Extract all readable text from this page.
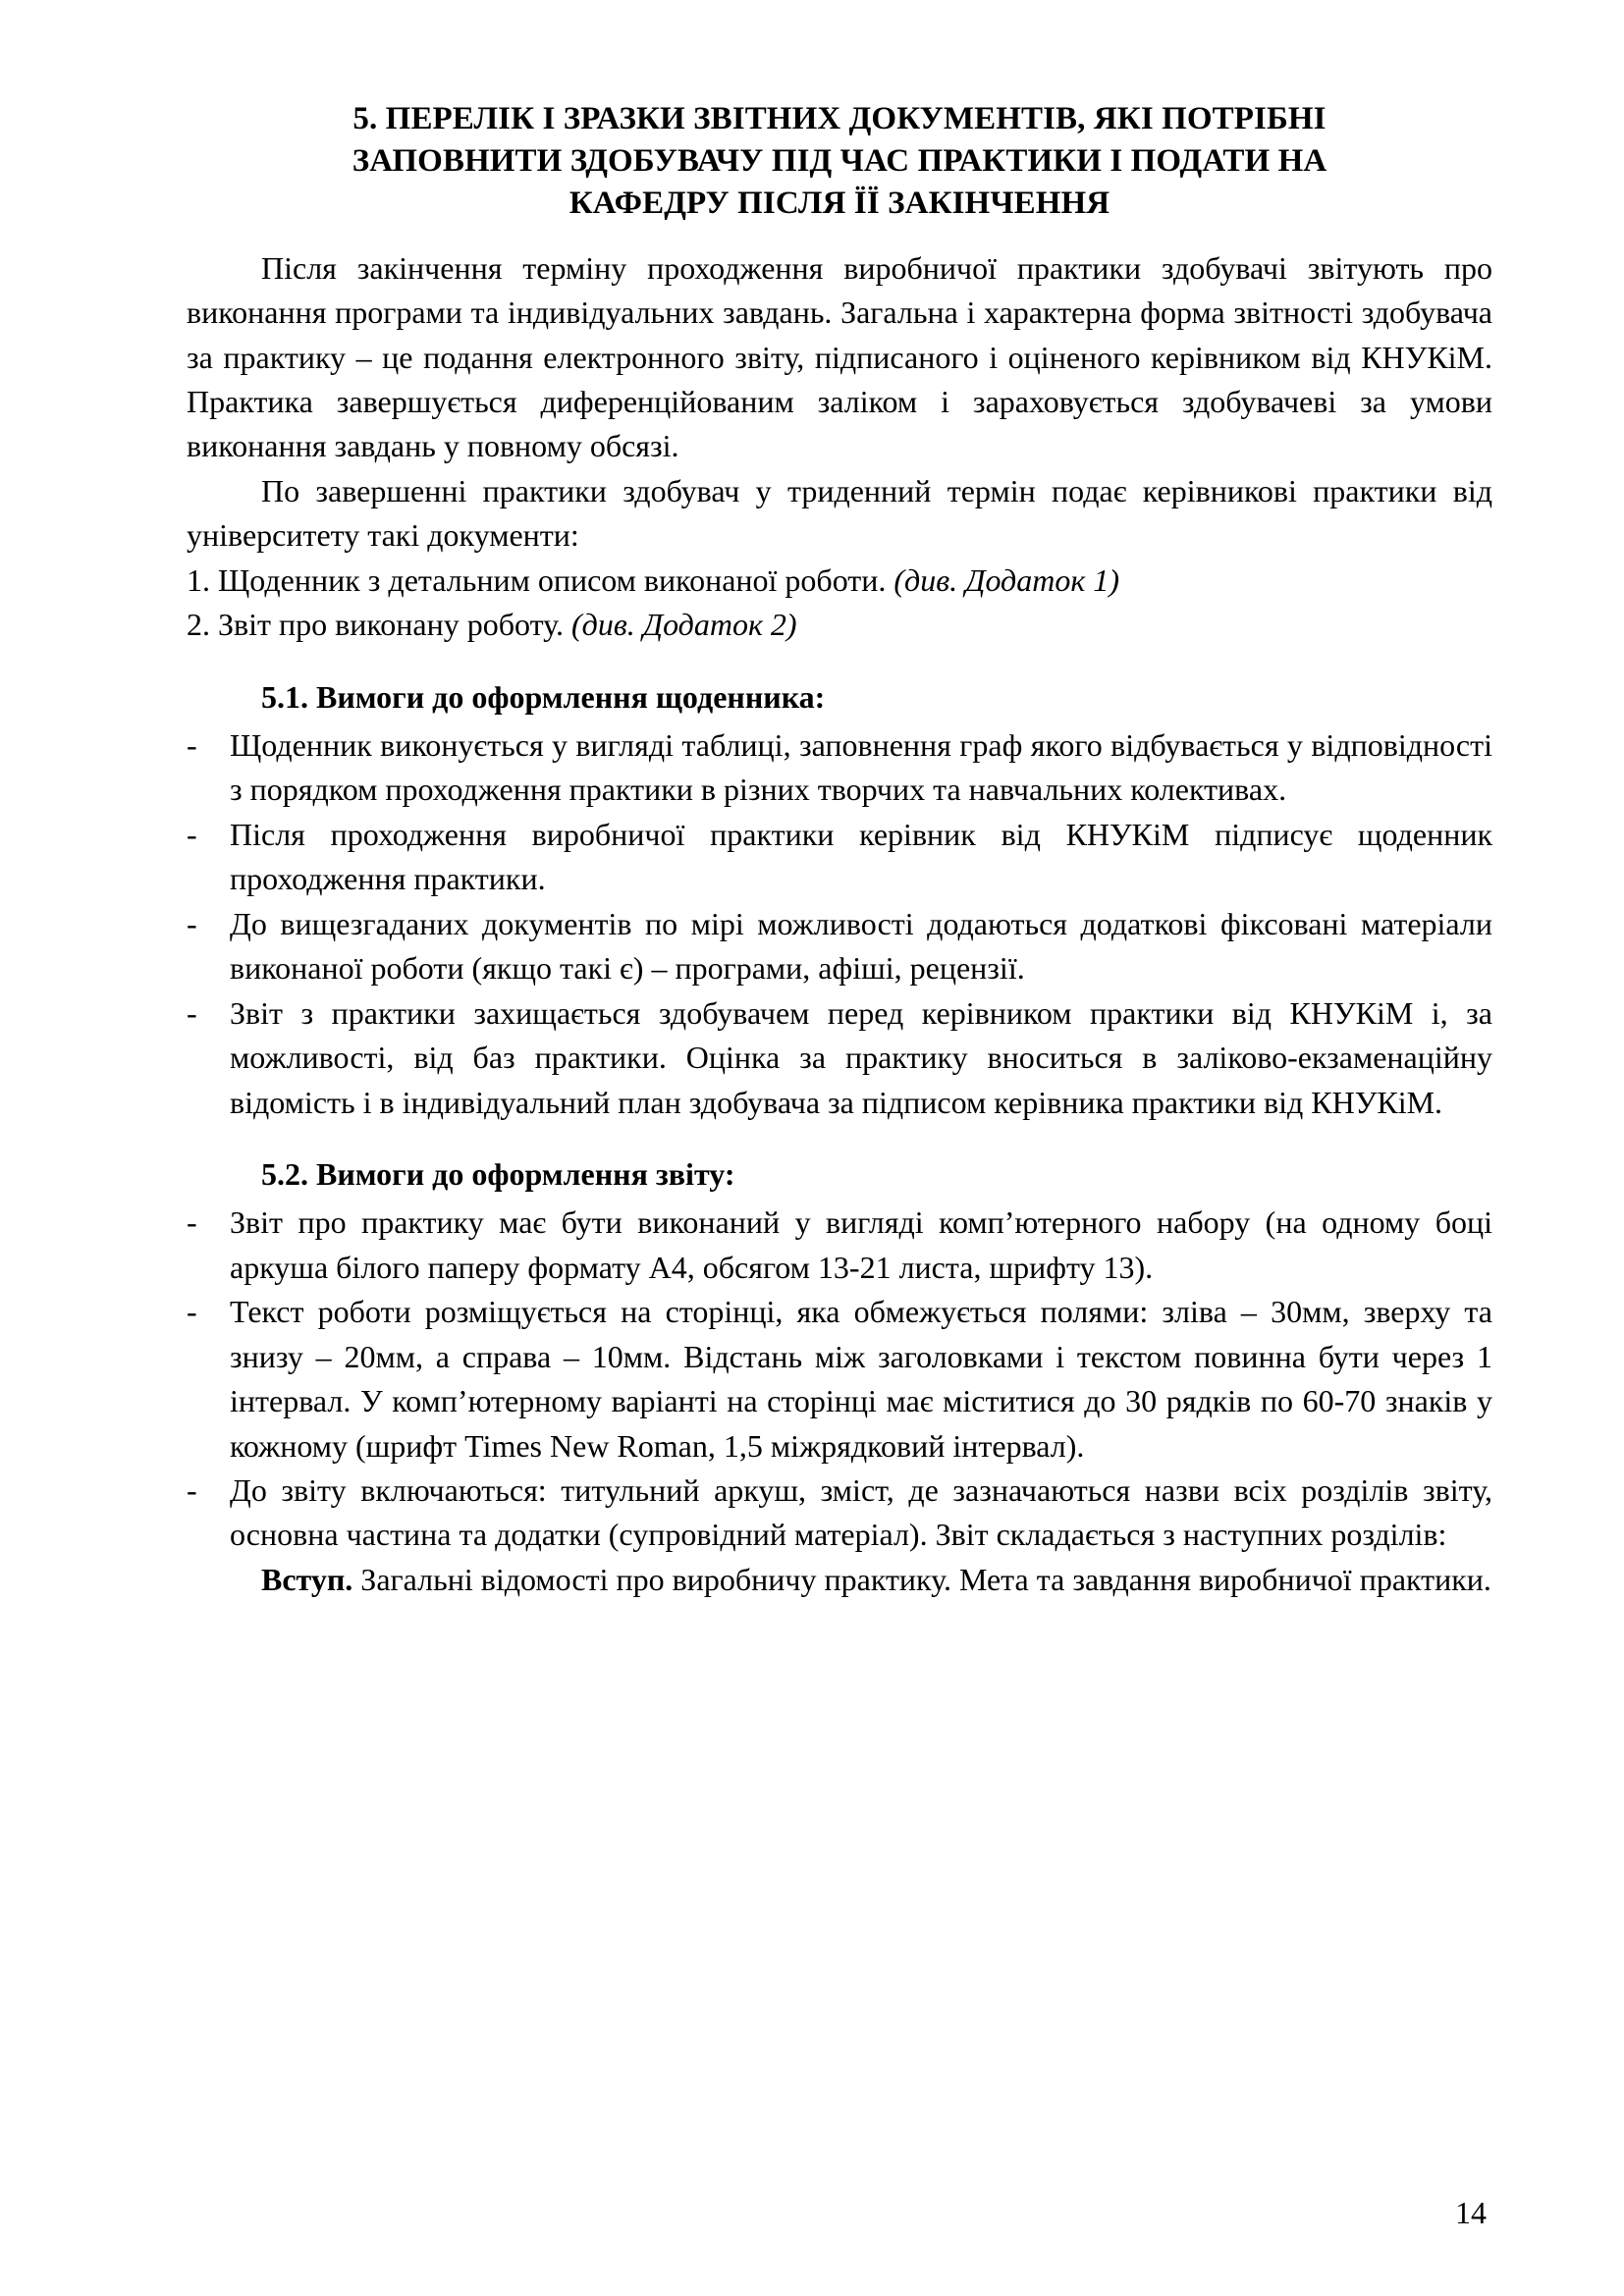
5. ПЕРЕЛІК І ЗРАЗКИ ЗВІТНИХ ДОКУМЕНТІВ, ЯКІ ПОТРІБНІ
ЗАПОВНИТИ ЗДОБУВАЧУ ПІД ЧАС ПРАКТИКИ І ПОДАТИ НА
КАФЕДРУ ПІСЛЯ ЇЇ ЗАКІНЧЕННЯ

Після закінчення терміну проходження виробничої практики здобувачі звітують про виконання програми та індивідуальних завдань. Загальна і характерна форма звітності здобувача за практику – це подання електронного звіту, підписаного і оціненого керівником від КНУКіМ. Практика завершується диференційованим заліком і зараховується здобувачеві за умови виконання завдань у повному обсязі.

По завершенні практики здобувач у триденний термін подає керівникові практики від університету такі документи:

1. Щоденник з детальним описом виконаної роботи. (див. Додаток 1)

2. Звіт про виконану роботу. (див. Додаток 2)

5.1. Вимоги до оформлення щоденника:
- Щоденник виконується у вигляді таблиці, заповнення граф якого відбувається у відповідності з порядком проходження практики в різних творчих та навчальних колективах.
- Після проходження виробничої практики керівник від КНУКіМ підписує щоденник проходження практики.
- До вищезгаданих документів по мірі можливості додаються додаткові фіксовані матеріали виконаної роботи (якщо такі є) – програми, афіші, рецензії.
- Звіт з практики захищається здобувачем перед керівником практики від КНУКіМ і, за можливості, від баз практики. Оцінка за практику вноситься в заліково-екзаменаційну відомість і в індивідуальний план здобувача за підписом керівника практики від КНУКіМ.
5.2. Вимоги до оформлення звіту:
- Звіт про практику має бути виконаний у вигляді комп’ютерного набору (на одному боці аркуша білого паперу формату А4, обсягом 13-21 листа, шрифту 13).
- Текст роботи розміщується на сторінці, яка обмежується полями: зліва – 30мм, зверху та знизу – 20мм, а справа – 10мм. Відстань між заголовками і текстом повинна бути через 1 інтервал. У комп’ютерному варіанті на сторінці має міститися до 30 рядків по 60-70 знаків у кожному (шрифт Times New Roman, 1,5 міжрядковий інтервал).
- До звіту включаються: титульний аркуш, зміст, де зазначаються назви всіх розділів звіту, основна частина та додатки (супровідний матеріал). Звіт складається з наступних розділів:

Вступ. Загальні відомості про виробничу практику. Мета та завдання виробничої практики.

14
